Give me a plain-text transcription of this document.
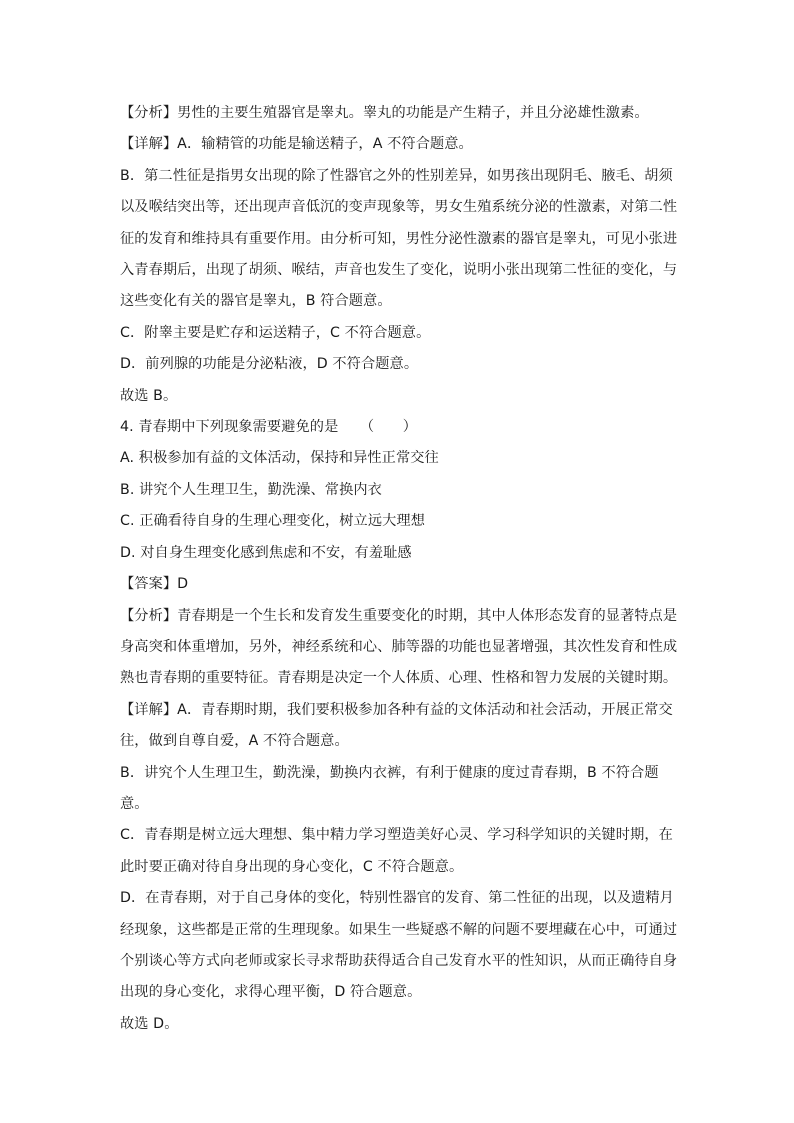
【分析】男性的主要生殖器官是睾丸。睾丸的功能是产生精子，并且分泌雄性激素。
【详解】A．输精管的功能是输送精子，A 不符合题意。
B．第二性征是指男女出现的除了性器官之外的性别差异，如男孩出现阴毛、腋毛、胡须
以及喉结突出等，还出现声音低沉的变声现象等，男女生殖系统分泌的性激素，对第二性
征的发育和维持具有重要作用。由分析可知，男性分泌性激素的器官是睾丸，可见小张进
入青春期后，出现了胡须、喉结，声音也发生了变化，说明小张出现第二性征的变化，与
这些变化有关的器官是睾丸，B 符合题意。
C．附睾主要是贮存和运送精子，C 不符合题意。
D．前列腺的功能是分泌粘液，D 不符合题意。
故选 B。
4. 青春期中下列现象需要避免的是　　（　　）
A. 积极参加有益的文体活动，保持和异性正常交往
B. 讲究个人生理卫生，勤洗澡、常换内衣
C. 正确看待自身的生理心理变化，树立远大理想
D. 对自身生理变化感到焦虑和不安，有羞耻感
【答案】D
【分析】青春期是一个生长和发育发生重要变化的时期，其中人体形态发育的显著特点是
身高突和体重增加，另外，神经系统和心、肺等器的功能也显著增强，其次性发育和性成
熟也青春期的重要特征。青春期是决定一个人体质、心理、性格和智力发展的关键时期。
【详解】A．青春期时期，我们要积极参加各种有益的文体活动和社会活动，开展正常交
往，做到自尊自爱，A 不符合题意。
B．讲究个人生理卫生，勤洗澡，勤换内衣裤，有利于健康的度过青春期，B 不符合题
意。
C．青春期是树立远大理想、集中精力学习塑造美好心灵、学习科学知识的关键时期，在
此时要正确对待自身出现的身心变化，C 不符合题意。
D．在青春期，对于自己身体的变化，特别性器官的发育、第二性征的出现，以及遗精月
经现象，这些都是正常的生理现象。如果生一些疑惑不解的问题不要埋藏在心中，可通过
个别谈心等方式向老师或家长寻求帮助获得适合自己发育水平的性知识，从而正确待自身
出现的身心变化，求得心理平衡，D 符合题意。
故选 D。
